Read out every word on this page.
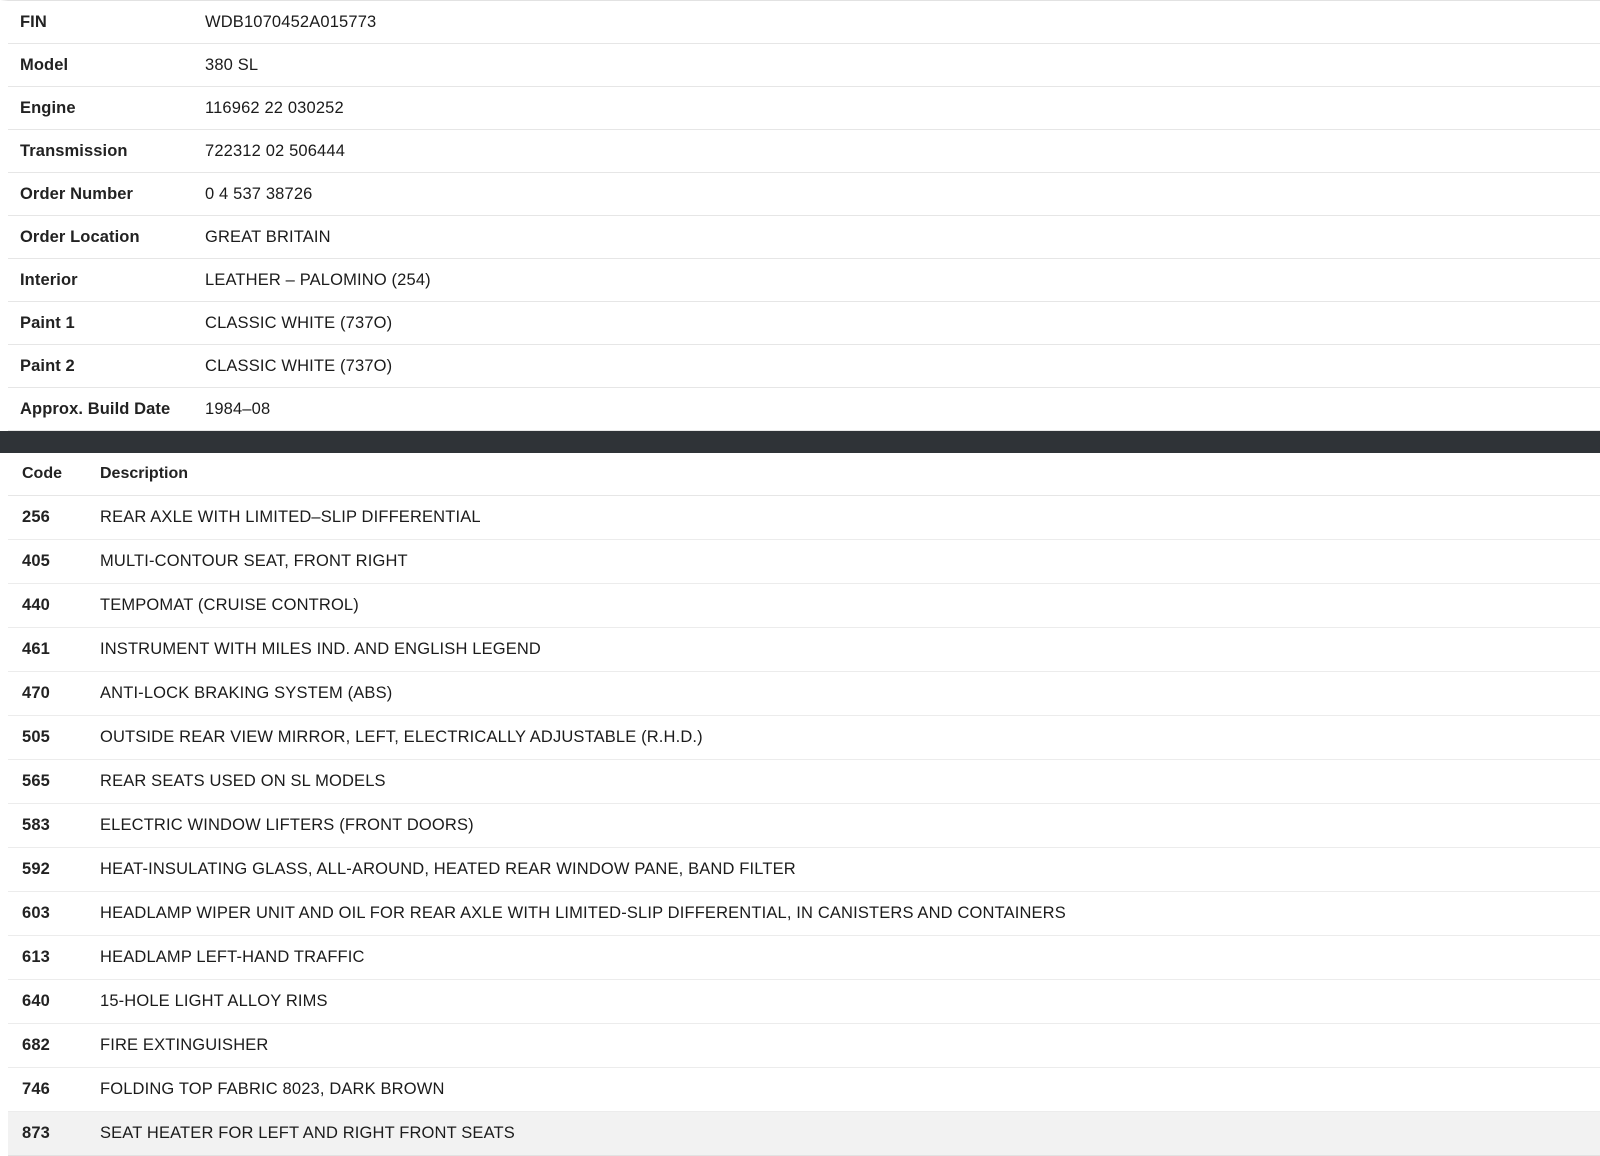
FIN	WDB1070452A015773
Model	380 SL
Engine	116962 22 030252
Transmission	722312 02 506444
Order Number	0 4 537 38726
Order Location	GREAT BRITAIN
Interior	LEATHER – PALOMINO (254)
Paint 1	CLASSIC WHITE (737O)
Paint 2	CLASSIC WHITE (737O)
Approx. Build Date	1984–08
Code	Description
256	REAR AXLE WITH LIMITED–SLIP DIFFERENTIAL
405	MULTI-CONTOUR SEAT, FRONT RIGHT
440	TEMPOMAT (CRUISE CONTROL)
461	INSTRUMENT WITH MILES IND. AND ENGLISH LEGEND
470	ANTI-LOCK BRAKING SYSTEM (ABS)
505	OUTSIDE REAR VIEW MIRROR, LEFT, ELECTRICALLY ADJUSTABLE (R.H.D.)
565	REAR SEATS USED ON SL MODELS
583	ELECTRIC WINDOW LIFTERS (FRONT DOORS)
592	HEAT-INSULATING GLASS, ALL-AROUND, HEATED REAR WINDOW PANE, BAND FILTER
603	HEADLAMP WIPER UNIT AND OIL FOR REAR AXLE WITH LIMITED-SLIP DIFFERENTIAL, IN CANISTERS AND CONTAINERS
613	HEADLAMP LEFT-HAND TRAFFIC
640	15-HOLE LIGHT ALLOY RIMS
682	FIRE EXTINGUISHER
746	FOLDING TOP FABRIC 8023, DARK BROWN
873	SEAT HEATER FOR LEFT AND RIGHT FRONT SEATS
